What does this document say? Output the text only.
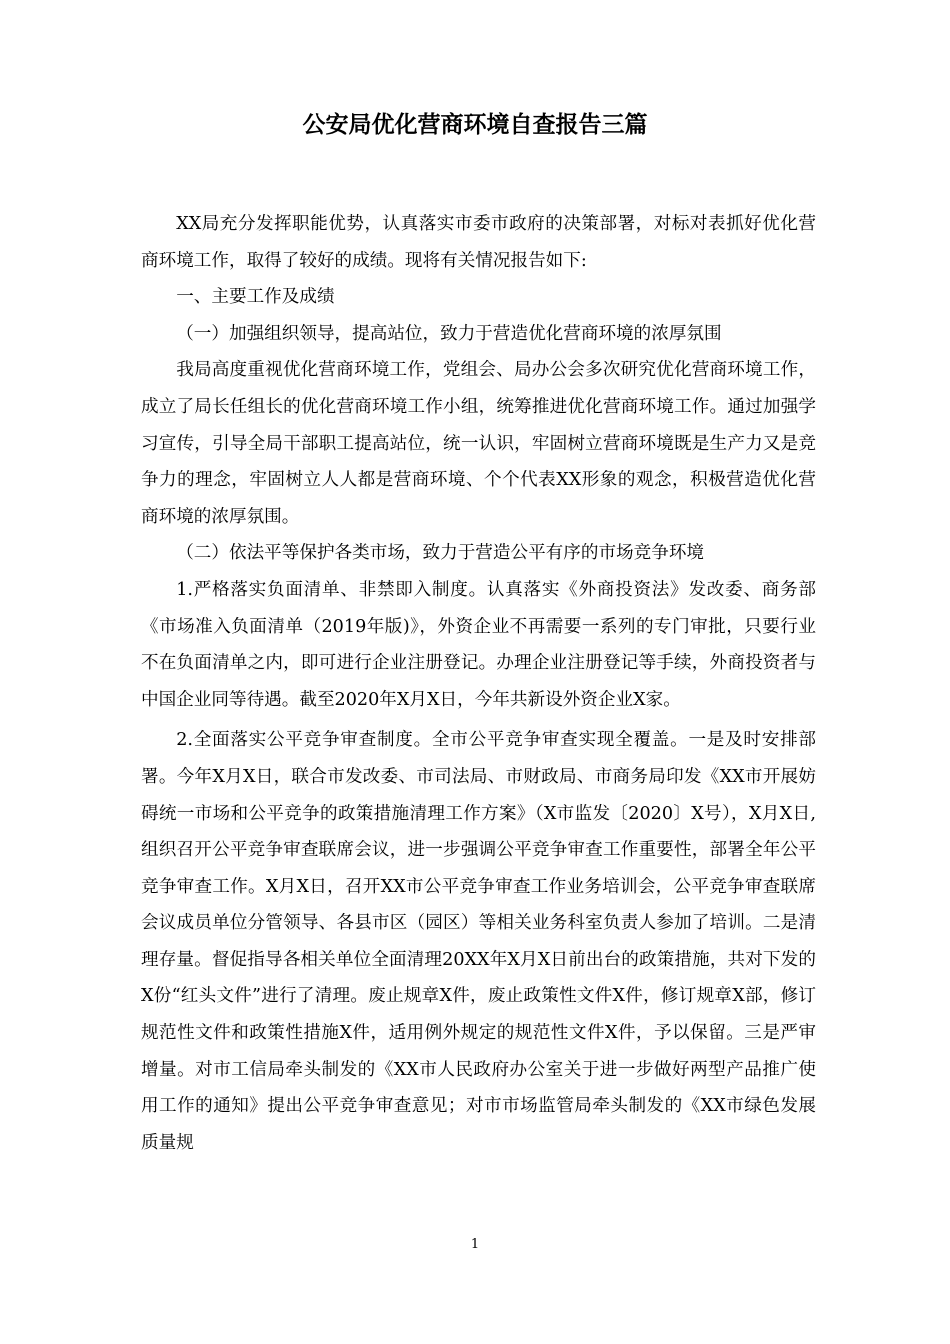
公安局优化营商环境自查报告三篇

XX局充分发挥职能优势，认真落实市委市政府的决策部署，对标对表抓好优化营商环境工作，取得了较好的成绩。现将有关情况报告如下:

一、主要工作及成绩

（一）加强组织领导，提高站位，致力于营造优化营商环境的浓厚氛围

我局高度重视优化营商环境工作，党组会、局办公会多次研究优化营商环境工作，成立了局长任组长的优化营商环境工作小组，统筹推进优化营商环境工作。通过加强学习宣传，引导全局干部职工提高站位，统一认识，牢固树立营商环境既是生产力又是竞争力的理念，牢固树立人人都是营商环境、个个代表XX形象的观念，积极营造优化营商环境的浓厚氛围。

（二）依法平等保护各类市场，致力于营造公平有序的市场竞争环境

1.严格落实负面清单、非禁即入制度。认真落实《外商投资法》发改委、商务部《市场准入负面清单（2019年版)》，外资企业不再需要一系列的专门审批，只要行业不在负面清单之内，即可进行企业注册登记。办理企业注册登记等手续，外商投资者与中国企业同等待遇。截至2020年X月X日，今年共新设外资企业X家。

2.全面落实公平竞争审查制度。全市公平竞争审查实现全覆盖。一是及时安排部署。今年X月X日，联合市发改委、市司法局、市财政局、市商务局印发《XX市开展妨碍统一市场和公平竞争的政策措施清理工作方案》（X市监发〔2020〕X号），X月X日,组织召开公平竞争审查联席会议，进一步强调公平竞争审查工作重要性，部署全年公平竞争审查工作。X月X日，召开XX市公平竞争审查工作业务培训会，公平竞争审查联席会议成员单位分管领导、各县市区（园区）等相关业务科室负责人参加了培训。二是清理存量。督促指导各相关单位全面清理20XX年X月X日前出台的政策措施，共对下发的X份“红头文件”进行了清理。废止规章X件，废止政策性文件X件，修订规章X部，修订规范性文件和政策性措施X件，适用例外规定的规范性文件X件，予以保留。三是严审增量。对市工信局牵头制发的《XX市人民政府办公室关于进一步做好两型产品推广使用工作的通知》提出公平竞争审查意见；对市市场监管局牵头制发的《XX市绿色发展质量规

1
